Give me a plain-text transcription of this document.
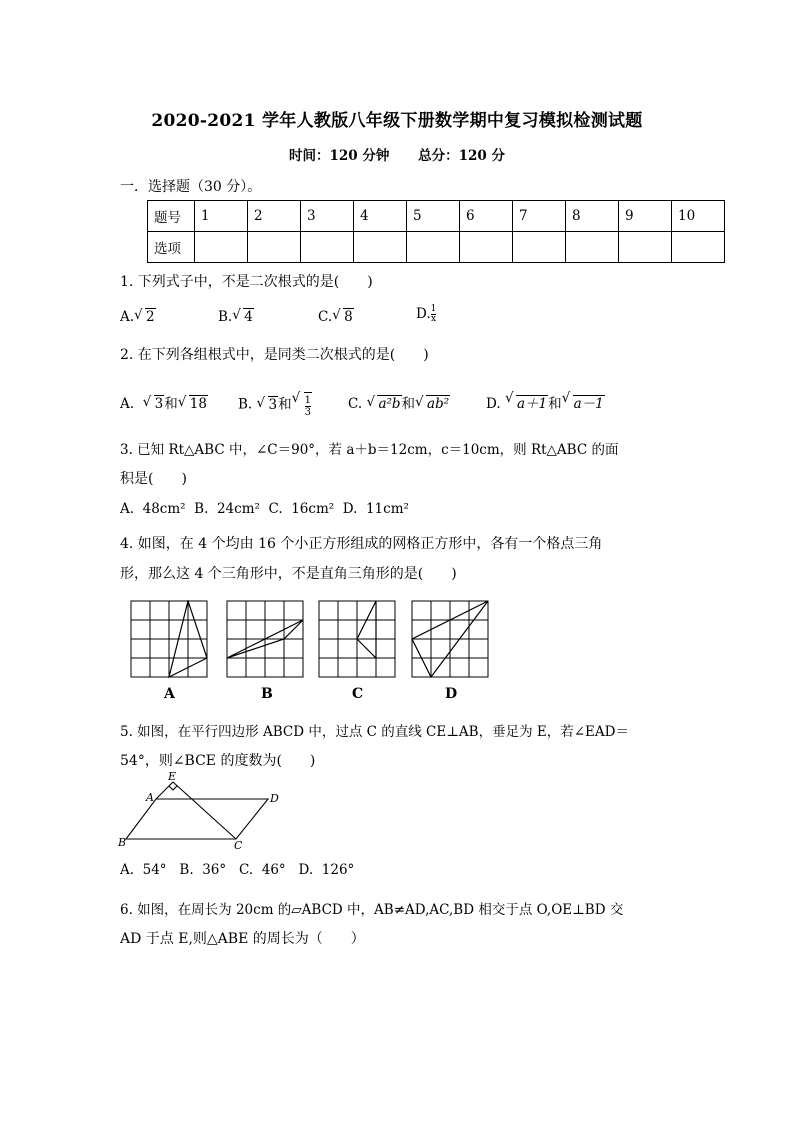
2020-2021 学年人教版八年级下册数学期中复习模拟检测试题
时间：120 分钟 总分：120 分
一．选择题（30 分）。
题号	1	2	3	4	5	6	7	8	9	10
选项										
1. 下列式子中，不是二次根式的是(　　)
A. √ 2	B. √ 4	C. √ 8	D. $\frac{1}{x}$
2. 在下列各组根式中，是同类二次根式的是(　　)
A. √ 3和 √ 18 B. √ 3和 √ $\frac{1}{3}$	C. √ a²b和 √ ab²	D. √ a＋1和 √ a－1
3. 已知 Rt△ABC 中，∠C＝90°，若 a＋b＝12cm，c＝10cm，则 Rt△ABC 的面
积是(　　)
A.  48cm²  B.  24cm²  C.  16cm²  D.  11cm²
4. 如图，在 4 个均由 16 个小正方形组成的网格正方形中，各有一个格点三角
形，那么这 4 个三角形中，不是直角三角形的是(　　)
A	B	C	D
5. 如图，在平行四边形 ABCD 中，过点 C 的直线 CE⊥AB，垂足为 E，若∠EAD＝
54°，则∠BCE 的度数为(　　)
E
A	D
B	C
A.  54°   B.  36°   C.  46°   D.  126°
6. 如图，在周长为 20cm 的▱ABCD 中，AB≠AD,AC,BD 相交于点 O,OE⊥BD 交
AD 于点 E,则△ABE 的周长为（　　）
